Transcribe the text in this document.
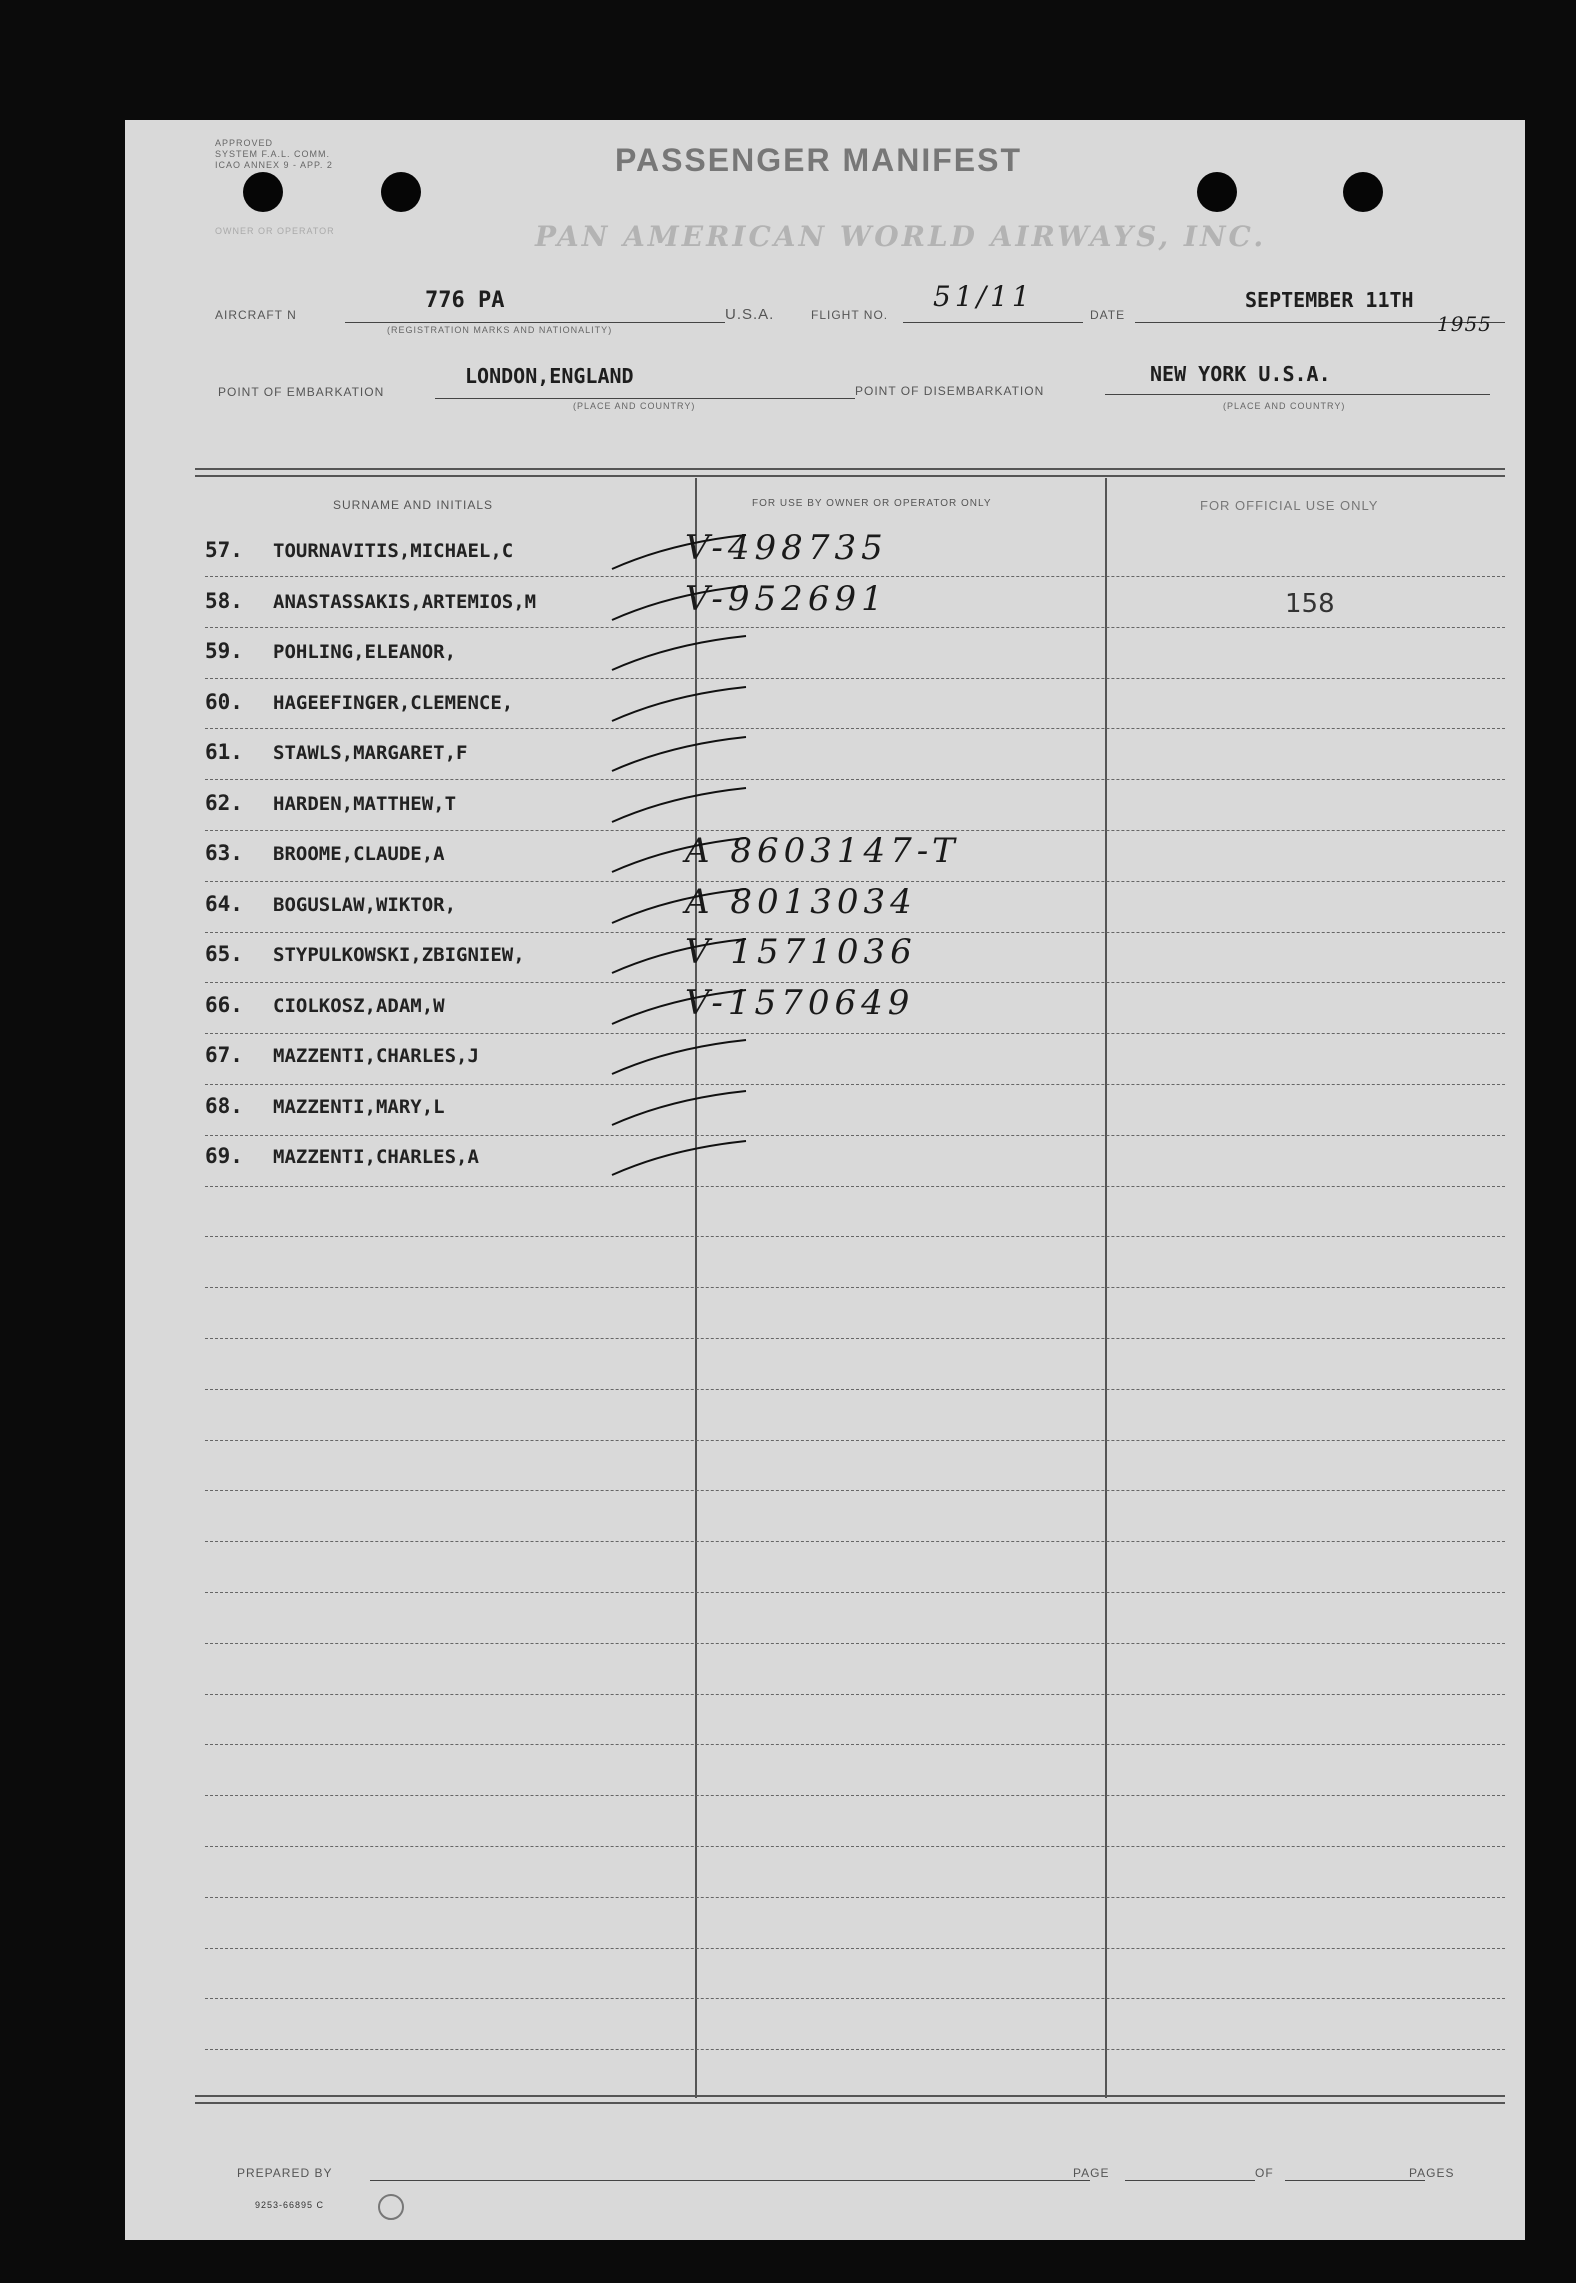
APPROVED
SYSTEM F.A.L. COMM.
ICAO ANNEX 9 - APP. 2
OWNER OR OPERATOR
PASSENGER MANIFEST
PAN AMERICAN WORLD AIRWAYS, INC.
AIRCRAFT N
776 PA
(REGISTRATION MARKS AND NATIONALITY)
U.S.A.	FLIGHT NO.
51/11
DATE
SEPTEMBER 11TH
1955
POINT OF EMBARKATION
LONDON,ENGLAND
(PLACE AND COUNTRY)
POINT OF DISEMBARKATION
NEW YORK U.S.A.
(PLACE AND COUNTRY)
SURNAME AND INITIALS	FOR USE BY OWNER OR OPERATOR ONLY	FOR OFFICIAL USE ONLY
57. TOURNAVITIS,MICHAEL,C	V-498735
58. ANASTASSAKIS,ARTEMIOS,M	V-952691	158
59. POHLING,ELEANOR,
60. HAGEEFINGER,CLEMENCE,
61. STAWLS,MARGARET,F
62. HARDEN,MATTHEW,T
63. BROOME,CLAUDE,A	A 8603147-T
64. BOGUSLAW,WIKTOR,	A 8013034
65. STYPULKOWSKI,ZBIGNIEW,	V 1571036
66. CIOLKOSZ,ADAM,W	V-1570649
67. MAZZENTI,CHARLES,J
68. MAZZENTI,MARY,L
69. MAZZENTI,CHARLES,A
PREPARED BY	PAGE	OF	PAGES
9253-66895 C
